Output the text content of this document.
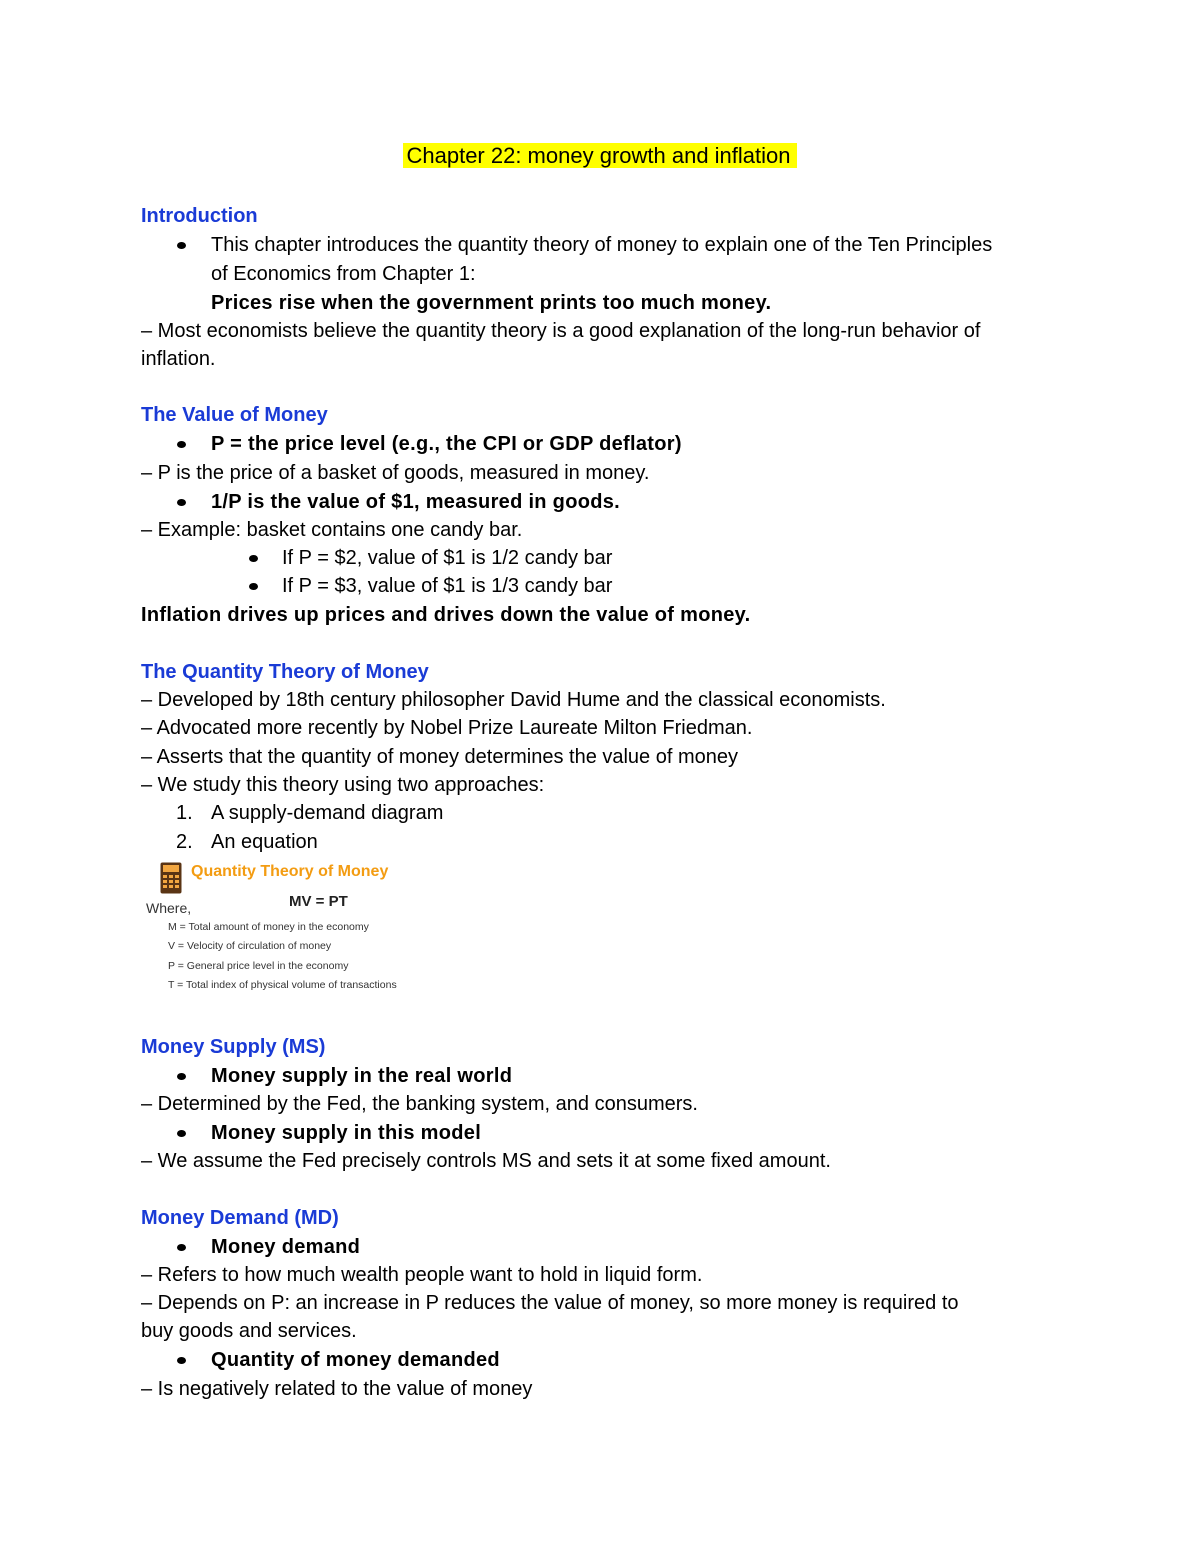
Chapter 22: money growth and inflation
Introduction
This chapter introduces the quantity theory of money to explain one of the Ten Principles
of Economics from Chapter 1:
Prices rise when the government prints too much money.
– Most economists believe the quantity theory is a good explanation of the long-run behavior of
inflation.
The Value of Money
P = the price level (e.g., the CPI or GDP deflator)
– P is the price of a basket of goods, measured in money.
1/P is the value of $1, measured in goods.
– Example: basket contains one candy bar.
If P = $2, value of $1 is 1/2 candy bar
If P = $3, value of $1 is 1/3 candy bar
Inflation drives up prices and drives down the value of money.
The Quantity Theory of Money
– Developed by 18th century philosopher David Hume and the classical economists.
– Advocated more recently by Nobel Prize Laureate Milton Friedman.
– Asserts that the quantity of money determines the value of money
– We study this theory using two approaches:
1. A supply-demand diagram
2. An equation
Quantity Theory of Money
Where,	MV = PT
M = Total amount of money in the economy
V = Velocity of circulation of money
P = General price level in the economy
T = Total index of physical volume of transactions
Money Supply (MS)
Money supply in the real world
– Determined by the Fed, the banking system, and consumers.
Money supply in this model
– We assume the Fed precisely controls MS and sets it at some fixed amount.
Money Demand (MD)
Money demand
– Refers to how much wealth people want to hold in liquid form.
– Depends on P: an increase in P reduces the value of money, so more money is required to
buy goods and services.
Quantity of money demanded
– Is negatively related to the value of money
